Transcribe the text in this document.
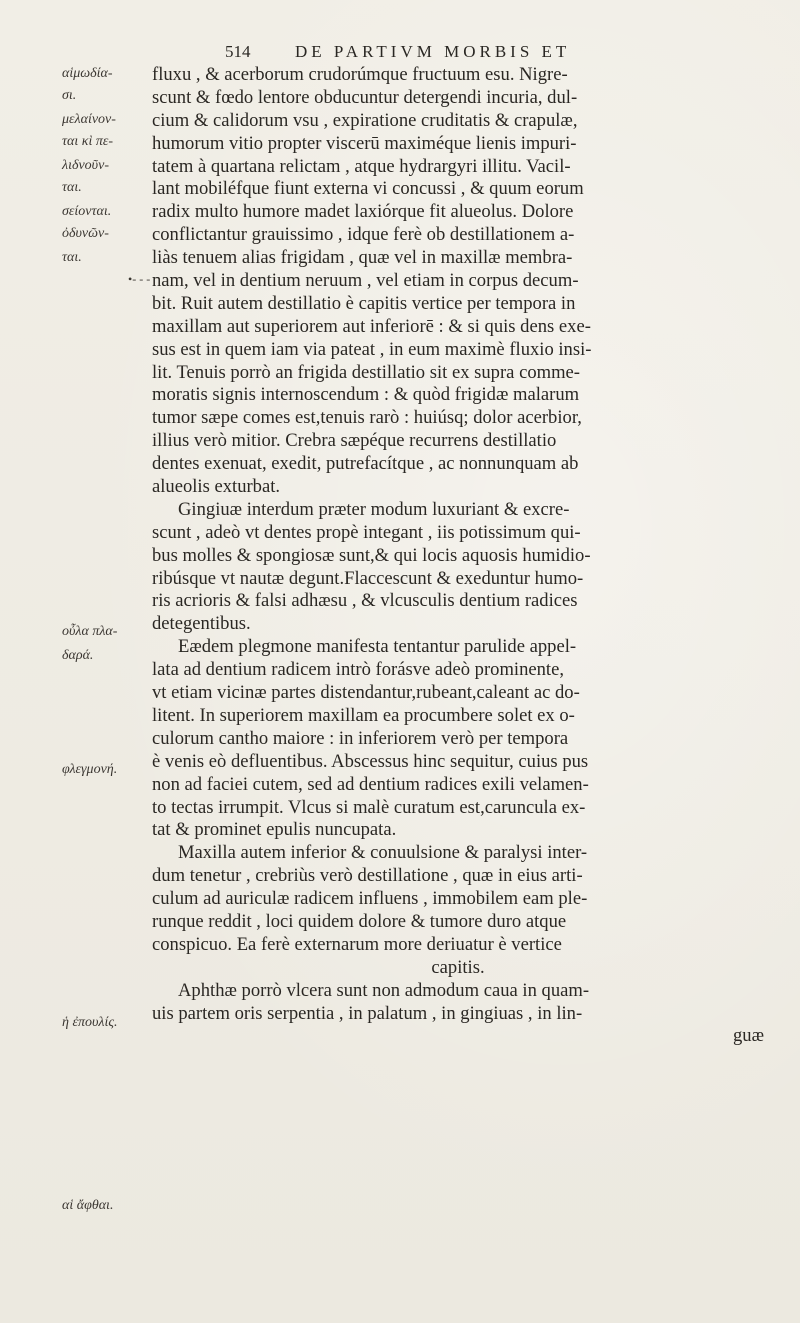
514	DE PARTIVM MORBIS ET
•- - -
αἱμωδία-
σι.
μελαίνον-
ται κὶ πε-
λιδνοῦν-
ται.
σείονται.
ὀδυνῶν-
ται.
οὖλα πλα-
δαρά.
φλεγμονή.
ἡ ἐπουλίς.
αἱ ἄφθαι.
fluxu , & acerborum crudorúmque fructuum esu. Nigre-
scunt & fœdo lentore obducuntur detergendi incuria, dul-
cium & calidorum vsu , expiratione cruditatis & crapulæ,
humorum vitio propter viscerū maximéque lienis impuri-
tatem à quartana relictam , atque hydrargyri illitu. Vacil-
lant mobiléfque fiunt externa vi concussi , & quum eorum
radix multo humore madet laxiórque fit alueolus. Dolore
conflictantur grauissimo , idque ferè ob destillationem a-
liàs tenuem alias frigidam , quæ vel in maxillæ membra-
nam, vel in dentium neruum , vel etiam in corpus decum-
bit. Ruit autem destillatio è capitis vertice per tempora in
maxillam aut superiorem aut inferiorē : & si quis dens exe-
sus est in quem iam via pateat , in eum maximè fluxio insi-
lit. Tenuis porrò an frigida destillatio sit ex supra comme-
moratis signis internoscendum : & quòd frigidæ malarum
tumor sæpe comes est,tenuis rarò : huiúsq; dolor acerbior,
illius verò mitior. Crebra sæpéque recurrens destillatio
dentes exenuat, exedit, putrefacítque , ac nonnunquam ab
alueolis exturbat.
Gingiuæ interdum præter modum luxuriant & excre-
scunt , adeò vt dentes propè integant , iis potissimum qui-
bus molles & spongiosæ sunt,& qui locis aquosis humidio-
ribúsque vt nautæ degunt.Flaccescunt & exeduntur humo-
ris acrioris & falsi adhæsu , & vlcusculis dentium radices
detegentibus.
Eædem plegmone manifesta tentantur parulide appel-
lata ad dentium radicem intrò forásve adeò prominente,
vt etiam vicinæ partes distendantur,rubeant,caleant ac do-
litent. In superiorem maxillam ea procumbere solet ex o-
culorum cantho maiore : in inferiorem verò per tempora
è venis eò defluentibus. Abscessus hinc sequitur, cuius pus
non ad faciei cutem, sed ad dentium radices exili velamen-
to tectas irrumpit. Vlcus si malè curatum est,caruncula ex-
tat & prominet epulis nuncupata.
Maxilla autem inferior & conuulsione & paralysi inter-
dum tenetur , crebriùs verò destillatione , quæ in eius arti-
culum ad auriculæ radicem influens , immobilem eam ple-
runque reddit , loci quidem dolore & tumore duro atque
conspicuo. Ea ferè externarum more deriuatur è vertice
capitis.
Aphthæ porrò vlcera sunt non admodum caua in quam-
uis partem oris serpentia , in palatum , in gingiuas , in lin-
guæ
